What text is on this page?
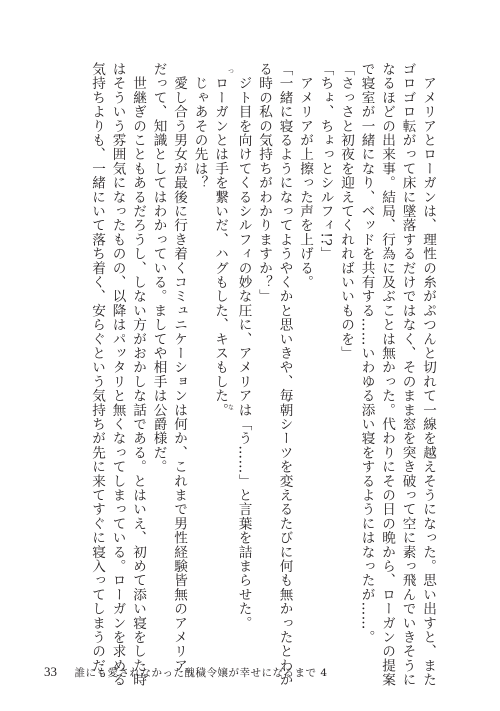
　アメリアとローガンは、理性の糸がぷつんと切れて一線を越えそうになった。思い出すと、また
ゴロゴロ転がって床に墜落するだけではなく、そのまま窓を突き破って空に素っ飛んでいきそうに
なるほどの出来事。結局、行為に及ぶことは無かった。代わりにその日の晩から、ローガンの提案
で寝室が一緒になり、ベッドを共有する……いわゆる添い寝をするようにはなったが……。
「さっさと初夜を迎えてくれればいいものを」
「ちょ、ちょっとシルフィ!?」
　アメリアが上擦った声を上げる。
「一緒に寝るようになってようやくかと思いきや、毎朝シーツを変えるたびに何も無かったとわか
る時の私の気持ちがわかりますか？」
　ジト目を向けてくるシルフィの妙な圧に、アメリアは「う……」と言葉を詰まらせた。
　ローガンとは手を繋いだ、ハグもした、キスもした。つな
　じゃあその先は？
　愛し合う男女が最後に行き着くコミュニケーションは何か、これまで男性経験皆無のアメリア
だって、知識としてはわかっている。ましてや相手は公爵様だ。
　世継ぎのこともあるだろうし、しない方がおかしな話である。とはいえ、初めて添い寝をした時
はそういう雰囲気になったものの、以降はパッタリと無くなってしまっている。ローガンを求める
気持ちよりも、一緒にいて落ち着く、安らぐという気持ちが先に来てすぐに寝入ってしまうのだ。
33 誰にも愛されなかった醜穢令嬢が幸せになるまで 4
